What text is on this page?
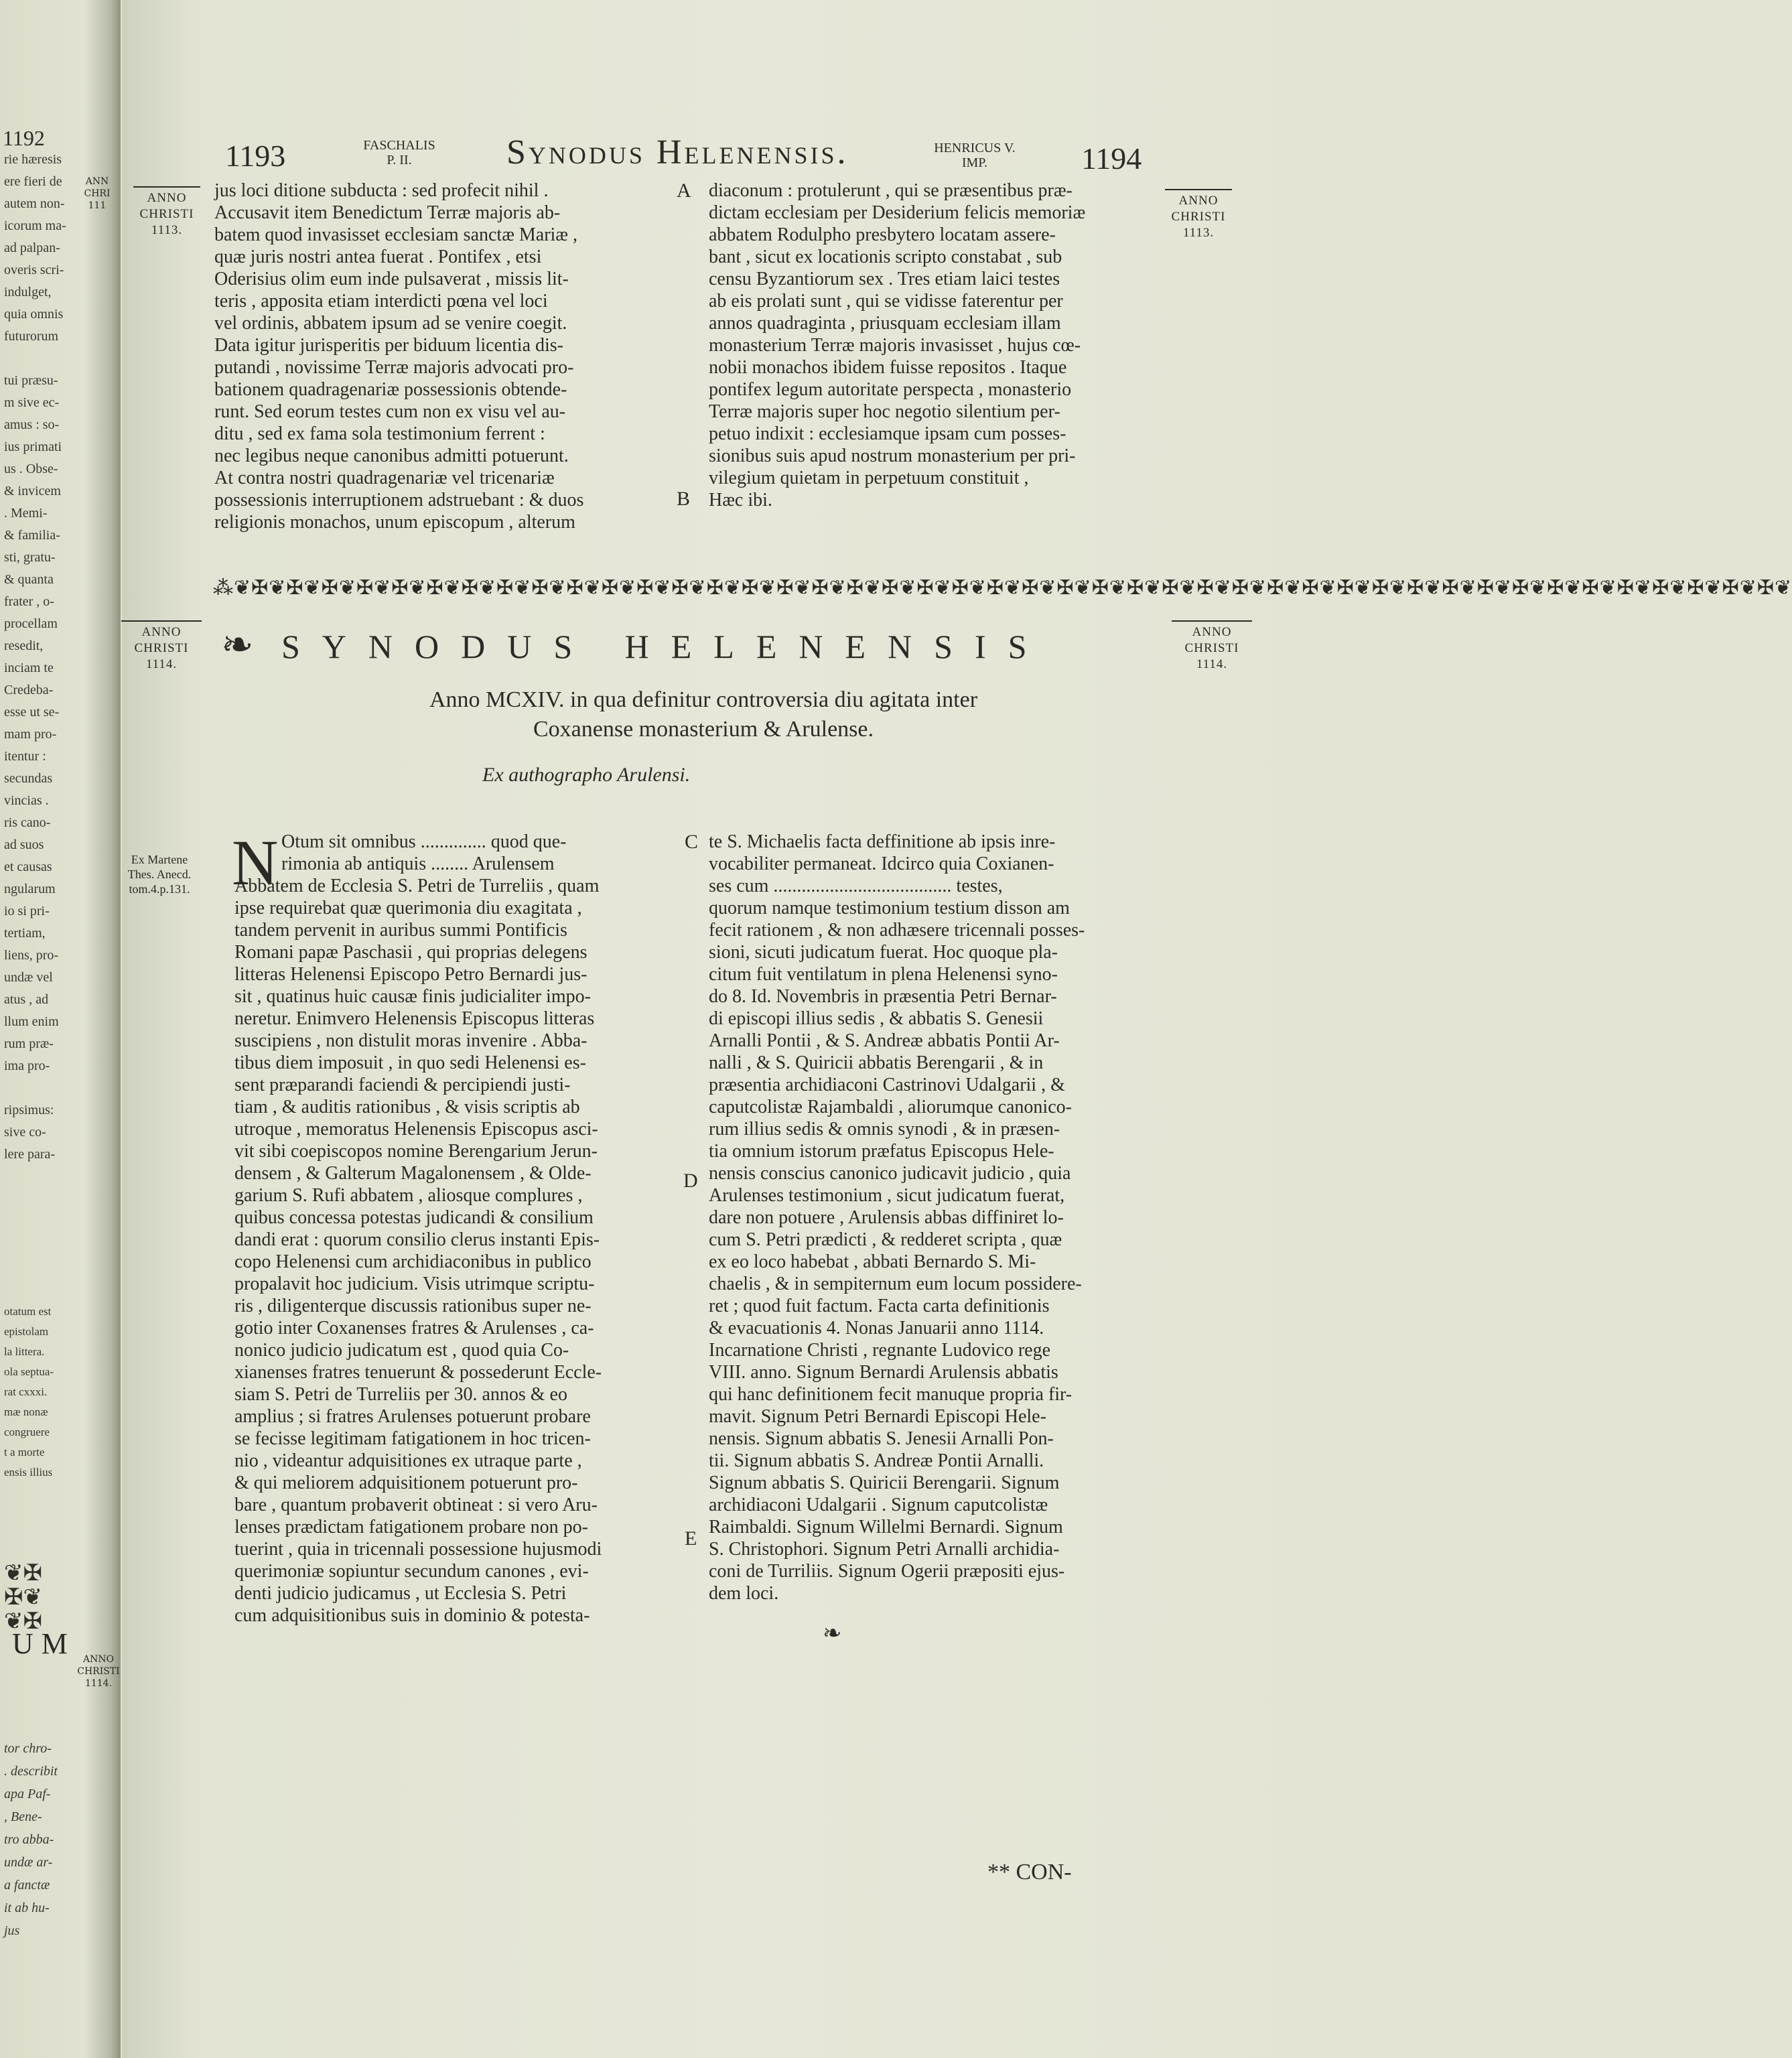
1192
rie hæresis
ere fieri de
autem non-
icorum ma-
ad palpan-
overis scri-
indulget,
quia omnis
futurorum
tui præsu-
m sive ec-
amus : so-
ius primati
us . Obse-
& invicem
. Memi-
& familia-
sti, gratu-
& quanta
frater , o-
procellam
resedit,
inciam te
Credeba-
esse ut se-
mam pro-
itentur :
secundas
vincias .
ris cano-
ad suos
et causas
ngularum
io si pri-
tertiam,
liens, pro-
undæ vel
atus , ad
llum enim
rum præ-
ima pro-
ripsimus:
sive co-
lere para-
otatum est
epistolam
la littera.
ola septua-
rat cxxxi.
mæ nonæ
congruere
t a morte
ensis illius
tor chro-
. describit
apa Paf-
, Bene-
tro abba-
undæ ar-
a fanctæ
it ab hu-
jus
ANN
CHRI
111
❦✠
✠❦
❦✠
UM ANNO
CHRISTI
1114.
1193	FASCHALIS
P. II.	Synodus Helenensis.	HENRICUS V.
IMP.	1194
ANNO
CHRISTI
1113.
ANNO
CHRISTI
1113.
jus loci ditione subducta : sed profecit nihil .
Accusavit item Benedictum Terræ majoris ab-
batem quod invasisset ecclesiam sanctæ Mariæ ,
quæ juris nostri antea fuerat . Pontifex , etsi
Oderisius olim eum inde pulsaverat , missis lit-
teris , apposita etiam interdicti pœna vel loci
vel ordinis, abbatem ipsum ad se venire coegit.
Data igitur jurisperitis per biduum licentia dis-
putandi , novissime Terræ majoris advocati pro-
bationem quadragenariæ possessionis obtende-
runt. Sed eorum testes cum non ex visu vel au-
ditu , sed ex fama sola testimonium ferrent :
nec legibus neque canonibus admitti potuerunt.
At contra nostri quadragenariæ vel tricenariæ
possessionis interruptionem adstruebant : & duos
religionis monachos, unum episcopum , alterum
A
B
diaconum : protulerunt , qui se præsentibus præ-
dictam ecclesiam per Desiderium felicis memoriæ
abbatem Rodulpho presbytero locatam assere-
bant , sicut ex locationis scripto constabat , sub
censu Byzantiorum sex . Tres etiam laici testes
ab eis prolati sunt , qui se vidisse faterentur per
annos quadraginta , priusquam ecclesiam illam
monasterium Terræ majoris invasisset , hujus cœ-
nobii monachos ibidem fuisse repositos . Itaque
pontifex legum autoritate perspecta , monasterio
Terræ majoris super hoc negotio silentium per-
petuo indixit : ecclesiamque ipsam cum posses-
sionibus suis apud nostrum monasterium per pri-
vilegium quietam in perpetuum constituit ,
Hæc ibi.
⁂❦✠❦✠❦✠❦✠❦✠❦✠❦✠❦✠❦✠❦✠❦✠❦✠❦✠❦✠❦✠❦✠❦✠❦✠❦✠❦✠❦✠❦✠❦✠❦✠❦✠❦✠❦✠❦✠❦✠❦✠❦✠❦✠❦✠❦✠❦✠❦✠❦✠❦✠❦✠❦✠❦✠❦✠❦✠❦✠❦
ANNO
CHRISTI
1114.
ANNO
CHRISTI
1114.
❧ SYNODUS HELENENSIS
Anno MCXIV. in qua definitur controversia diu agitata inter
Coxanense monasterium & Arulense.
Ex authographo Arulensi.
Ex Martene
Thes. Anecd.
tom.4.p.131. N Otum sit omnibus .............. quod que-
rimonia ab antiquis ........ Arulensem
Abbatem de Ecclesia S. Petri de Turreliis , quam
ipse requirebat quæ querimonia diu exagitata ,
tandem pervenit in auribus summi Pontificis
Romani papæ Paschasii , qui proprias delegens
litteras Helenensi Episcopo Petro Bernardi jus-
sit , quatinus huic causæ finis judicialiter impo-
neretur. Enimvero Helenensis Episcopus litteras
suscipiens , non distulit moras invenire . Abba-
tibus diem imposuit , in quo sedi Helenensi es-
sent præparandi faciendi & percipiendi justi-
tiam , & auditis rationibus , & visis scriptis ab
utroque , memoratus Helenensis Episcopus asci-
vit sibi coepiscopos nomine Berengarium Jerun-
densem , & Galterum Magalonensem , & Olde-
garium S. Rufi abbatem , aliosque complures ,
quibus concessa potestas judicandi & consilium
dandi erat : quorum consilio clerus instanti Epis-
copo Helenensi cum archidiaconibus in publico
propalavit hoc judicium. Visis utrimque scriptu-
ris , diligenterque discussis rationibus super ne-
gotio inter Coxanenses fratres & Arulenses , ca-
nonico judicio judicatum est , quod quia Co-
xianenses fratres tenuerunt & possederunt Eccle-
siam S. Petri de Turreliis per 30. annos & eo
amplius ; si fratres Arulenses potuerunt probare
se fecisse legitimam fatigationem in hoc tricen-
nio , videantur adquisitiones ex utraque parte ,
& qui meliorem adquisitionem potuerunt pro-
bare , quantum probaverit obtineat : si vero Aru-
lenses prædictam fatigationem probare non po-
tuerint , quia in tricennali possessione hujusmodi
querimoniæ sopiuntur secundum canones , evi-
denti judicio judicamus , ut Ecclesia S. Petri
cum adquisitionibus suis in dominio & potesta-
C
D
E
te S. Michaelis facta deffinitione ab ipsis inre-
vocabiliter permaneat. Idcirco quia Coxianen-
ses cum ...................................... testes,
quorum namque testimonium testium disson am
fecit rationem , & non adhæsere tricennali posses-
sioni, sicuti judicatum fuerat. Hoc quoque pla-
citum fuit ventilatum in plena Helenensi syno-
do 8. Id. Novembris in præsentia Petri Bernar-
di episcopi illius sedis , & abbatis S. Genesii
Arnalli Pontii , & S. Andreæ abbatis Pontii Ar-
nalli , & S. Quiricii abbatis Berengarii , & in
præsentia archidiaconi Castrinovi Udalgarii , &
caputcolistæ Rajambaldi , aliorumque canonico-
rum illius sedis & omnis synodi , & in præsen-
tia omnium istorum præfatus Episcopus Hele-
nensis conscius canonico judicavit judicio , quia
Arulenses testimonium , sicut judicatum fuerat,
dare non potuere , Arulensis abbas diffiniret lo-
cum S. Petri prædicti , & redderet scripta , quæ
ex eo loco habebat , abbati Bernardo S. Mi-
chaelis , & in sempiternum eum locum possidere-
ret ; quod fuit factum. Facta carta definitionis
& evacuationis 4. Nonas Januarii anno 1114.
Incarnatione Christi , regnante Ludovico rege
VIII. anno. Signum Bernardi Arulensis abbatis
qui hanc definitionem fecit manuque propria fir-
mavit. Signum Petri Bernardi Episcopi Hele-
nensis. Signum abbatis S. Jenesii Arnalli Pon-
tii. Signum abbatis S. Andreæ Pontii Arnalli.
Signum abbatis S. Quiricii Berengarii. Signum
archidiaconi Udalgarii . Signum caputcolistæ
Raimbaldi. Signum Willelmi Bernardi. Signum
S. Christophori. Signum Petri Arnalli archidia-
coni de Turriliis. Signum Ogerii præpositi ejus-
dem loci.
❧
** CON-
